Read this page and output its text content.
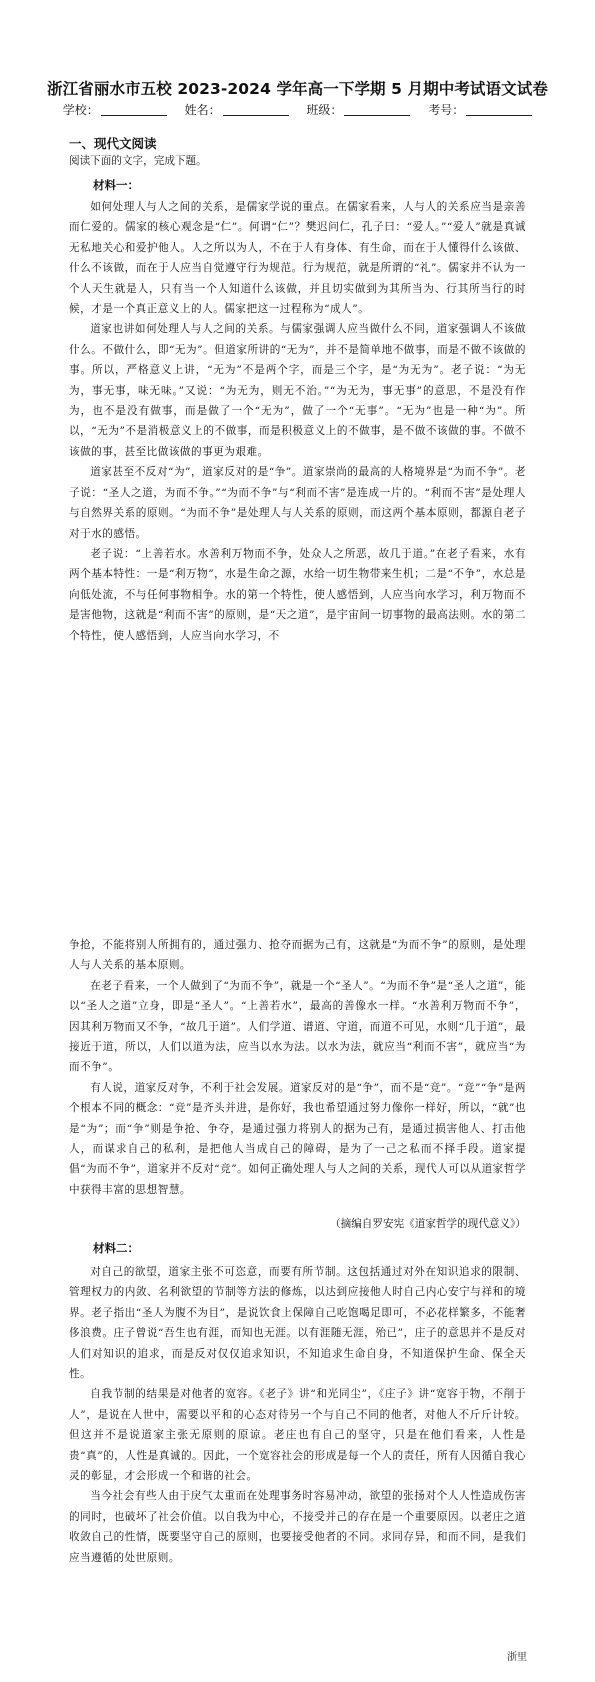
浙江省丽水市五校 2023-2024 学年高一下学期 5 月期中考试语文试卷
学校：	姓名：	班级：	考号：
一、现代文阅读
阅读下面的文字，完成下题。
材料一：

如何处理人与人之间的关系，是儒家学说的重点。在儒家看来，人与人的关系应当是亲善而仁爱的。儒家的核心观念是“仁”。何谓“仁”？樊迟问仁，孔子曰：“爱人。”“爱人”就是真诚无私地关心和爱护他人。人之所以为人，不在于人有身体、有生命，而在于人懂得什么该做、什么不该做，而在于人应当自觉遵守行为规范。行为规范，就是所谓的“礼”。儒家并不认为一个人天生就是人，只有当一个人知道什么该做，并且切实做到为其所当为、行其所当行的时候，才是一个真正意义上的人。儒家把这一过程称为“成人”。

道家也讲如何处理人与人之间的关系。与儒家强调人应当做什么不同，道家强调人不该做什么。不做什么，即“无为”。但道家所讲的“无为”，并不是简单地不做事，而是不做不该做的事。所以，严格意义上讲，“无为”不是两个字，而是三个字，是“为无为”。老子说：“为无为，事无事，味无味。”又说：“为无为，则无不治。”“为无为，事无事”的意思，不是没有作为，也不是没有做事，而是做了一个“无为”，做了一个“无事”。“无为”也是一种“为”。所以，“无为”不是消极意义上的不做事，而是积极意义上的不做事，是不做不该做的事。不做不该做的事，甚至比做该做的事更为艰难。

道家甚至不反对“为”，道家反对的是“争”。道家崇尚的最高的人格境界是“为而不争”。老子说：“圣人之道，为而不争。”“为而不争”与“利而不害”是连成一片的。“利而不害”是处理人与自然界关系的原则。“为而不争”是处理人与人关系的原则，而这两个基本原则，都源自老子对于水的感悟。

老子说：“上善若水。水善利万物而不争，处众人之所恶，故几于道。”在老子看来，水有两个基本特性：一是“利万物”，水是生命之源，水给一切生物带来生机；二是“不争”，水总是向低处流，不与任何事物相争。水的第一个特性，使人感悟到，人应当向水学习，利万物而不是害他物，这就是“利而不害”的原则，是“天之道”，是宇宙间一切事物的最高法则。水的第二个特性，使人感悟到，人应当向水学习，不

争抢，不能将别人所拥有的，通过强力、抢夺而据为己有，这就是“为而不争”的原则，是处理人与人关系的基本原则。

在老子看来，一个人做到了“为而不争”，就是一个“圣人”。“为而不争”是“圣人之道”，能以“圣人之道”立身，即是“圣人”。“上善若水”，最高的善像水一样。“水善利万物而不争”，因其利万物而又不争，“故几于道”。人们学道、谱道、守道，而道不可见，水则“几于道”，最接近于道，所以，人们以道为法，应当以水为法。以水为法，就应当“利而不害”，就应当“为而不争”。

有人说，道家反对争，不利于社会发展。道家反对的是“争”，而不是“竞”。“竞”“争”是两个根本不同的概念：“竞”是齐头并进，是你好，我也希望通过努力像你一样好，所以，“就”也是“为”；而“争”则是争抢、争夺，是通过强力将别人的据为己有，是通过损害他人、打击他人，而谋求自己的私利，是把他人当成自己的障碍，是为了一己之私而不择手段。道家提倡“为而不争”，道家并不反对“竞”。如何正确处理人与人之间的关系，现代人可以从道家哲学中获得丰富的思想智慧。

（摘编自罗安宪《道家哲学的现代意义》）
材料二：

对自己的欲望，道家主张不可恣意，而要有所节制。这包括通过对外在知识追求的限制、管理权力的内敛、名利欲望的节制等方法的修炼，以达到应接他人时自己内心安宁与祥和的境界。老子指出“圣人为腹不为目”，是说饮食上保障自己吃饱喝足即可，不必花样繁多，不能奢侈浪费。庄子曾说“吾生也有涯，而知也无涯。以有涯随无涯，殆已”，庄子的意思并不是反对人们对知识的追求，而是反对仅仅追求知识，不知追求生命自身，不知道保护生命、保全天性。

自我节制的结果是对他者的宽容。《老子》讲“和光同尘”，《庄子》讲“宽容于物，不削于人”，是说在人世中，需要以平和的心态对待另一个与自己不同的他者，对他人不斤斤计较。但这并不是说道家主张无原则的原谅。老庄也有自己的坚守，只是在他们看来，人性是贵“真”的，人性是真诚的。因此，一个宽容社会的形成是每一个人的责任，所有人因循自我心灵的彰显，才会形成一个和谐的社会。

当今社会有些人由于戾气太重而在处理事务时容易冲动，欲望的张扬对个人人性造成伤害的同时，也破坏了社会价值。以自我为中心，不接受并己的存在是一个重要原因。以老庄之道收敛自己的性情，既要坚守自己的原则，也要接受他者的不同。求同存异，和而不同，是我们应当遵循的处世原则。

浙里
